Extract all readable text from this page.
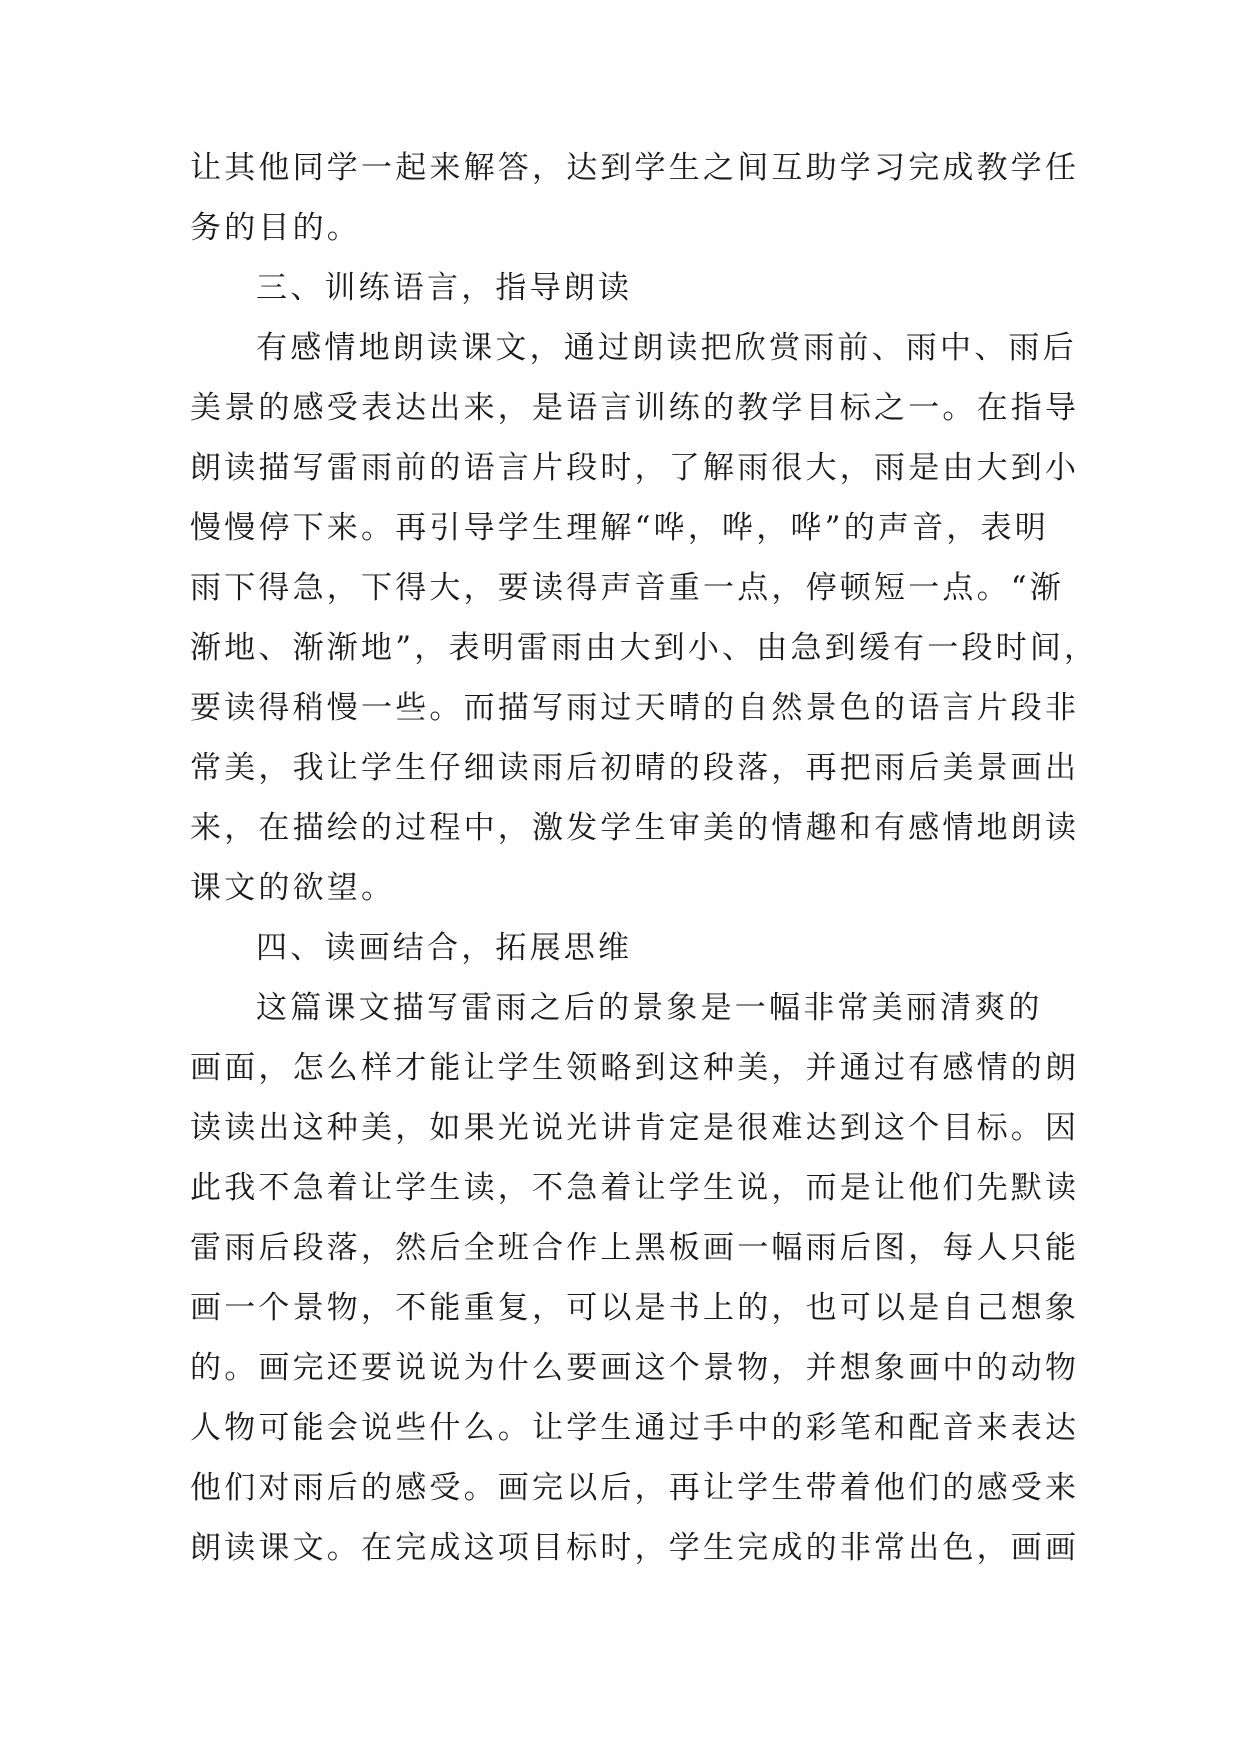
让其他同学一起来解答，达到学生之间互助学习完成教学任
务的目的。
三、训练语言，指导朗读
有感情地朗读课文，通过朗读把欣赏雨前、雨中、雨后
美景的感受表达出来，是语言训练的教学目标之一。在指导
朗读描写雷雨前的语言片段时，了解雨很大，雨是由大到小
慢慢停下来。再引导学生理解“哗，哗，哗”的声音，表明
雨下得急，下得大，要读得声音重一点，停顿短一点。“渐
渐地、渐渐地”，表明雷雨由大到小、由急到缓有一段时间，
要读得稍慢一些。而描写雨过天晴的自然景色的语言片段非
常美，我让学生仔细读雨后初晴的段落，再把雨后美景画出
来，在描绘的过程中，激发学生审美的情趣和有感情地朗读
课文的欲望。
四、读画结合，拓展思维
这篇课文描写雷雨之后的景象是一幅非常美丽清爽的
画面，怎么样才能让学生领略到这种美，并通过有感情的朗
读读出这种美，如果光说光讲肯定是很难达到这个目标。因
此我不急着让学生读，不急着让学生说，而是让他们先默读
雷雨后段落，然后全班合作上黑板画一幅雨后图，每人只能
画一个景物，不能重复，可以是书上的，也可以是自己想象
的。画完还要说说为什么要画这个景物，并想象画中的动物
人物可能会说些什么。让学生通过手中的彩笔和配音来表达
他们对雨后的感受。画完以后，再让学生带着他们的感受来
朗读课文。在完成这项目标时，学生完成的非常出色，画画
